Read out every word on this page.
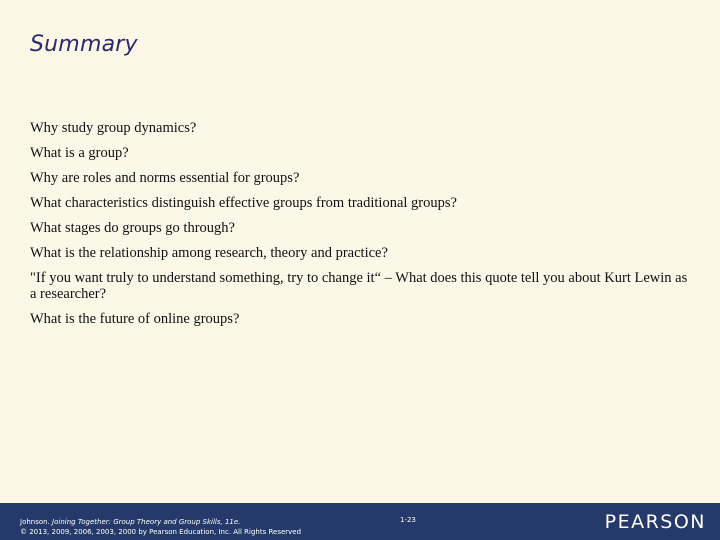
Summary
Why study group dynamics?
What is a group?
Why are roles and norms essential for groups?
What characteristics distinguish effective groups from traditional groups?
What stages do groups go through?
What is the relationship among research, theory and practice?
"If you want truly to understand something, try to change it“ – What does this quote tell you about Kurt Lewin as a researcher?
What is the future of online groups?
Johnson. Joining Together: Group Theory and Group Skills, 11e.
© 2013, 2009, 2006, 2003, 2000 by Pearson Education, Inc. All Rights Reserved
1-23	PEARSON
